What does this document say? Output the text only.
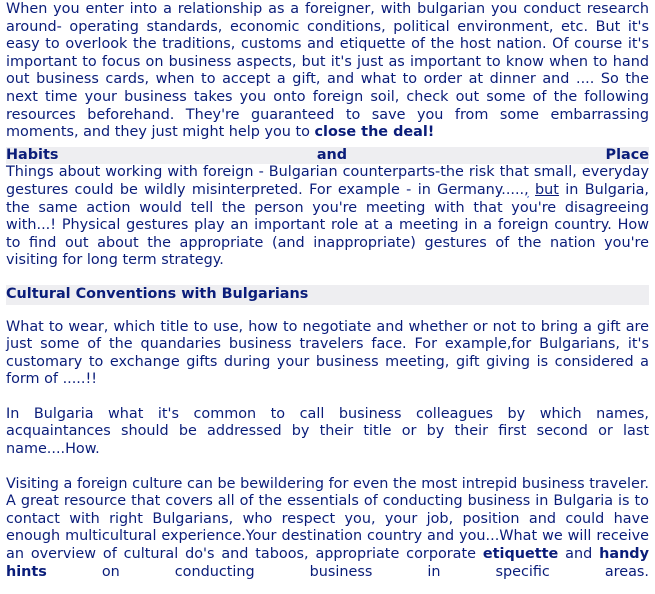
When you enter into a relationship as a foreigner, with bulgarian you conduct research around- operating standards, economic conditions, political environment, etc. But it's easy to overlook the traditions, customs and etiquette of the host nation. Of course it's important to focus on business aspects, but it's just as important to know when to hand out business cards, when to accept a gift, and what to order at dinner and .... So the next time your business takes you onto foreign soil, check out some of the following resources beforehand. They're guaranteed to save you from some embarrassing moments, and they just might help you to close the deal!

Habits	and	Place

Things about working with foreign - Bulgarian counterparts-the risk that small, everyday gestures could be wildly misinterpreted. For example - in Germany....., but in Bulgaria, the same action would tell the person you're meeting with that you're disagreeing with...! Physical gestures play an important role at a meeting in a foreign country. How to find out about the appropriate (and inappropriate) gestures of the nation you're visiting for long term strategy.

Cultural Conventions with Bulgarians

What to wear, which title to use, how to negotiate and whether or not to bring a gift are just some of the quandaries business travelers face. For example,for Bulgarians, it's customary to exchange gifts during your business meeting, gift giving is considered a form of .....!!

In Bulgaria what it's common to call business colleagues by which names, acquaintances should be addressed by their title or by their first second or last name....How.

Visiting a foreign culture can be bewildering for even the most intrepid business traveler. A great resource that covers all of the essentials of conducting business in Bulgaria is to contact with right Bulgarians, who respect you, your job, position and could have enough multicultural experience.Your destination country and you...What we will receive an overview of cultural do's and taboos, appropriate corporate etiquette and handy hints on conducting business in specific areas.
